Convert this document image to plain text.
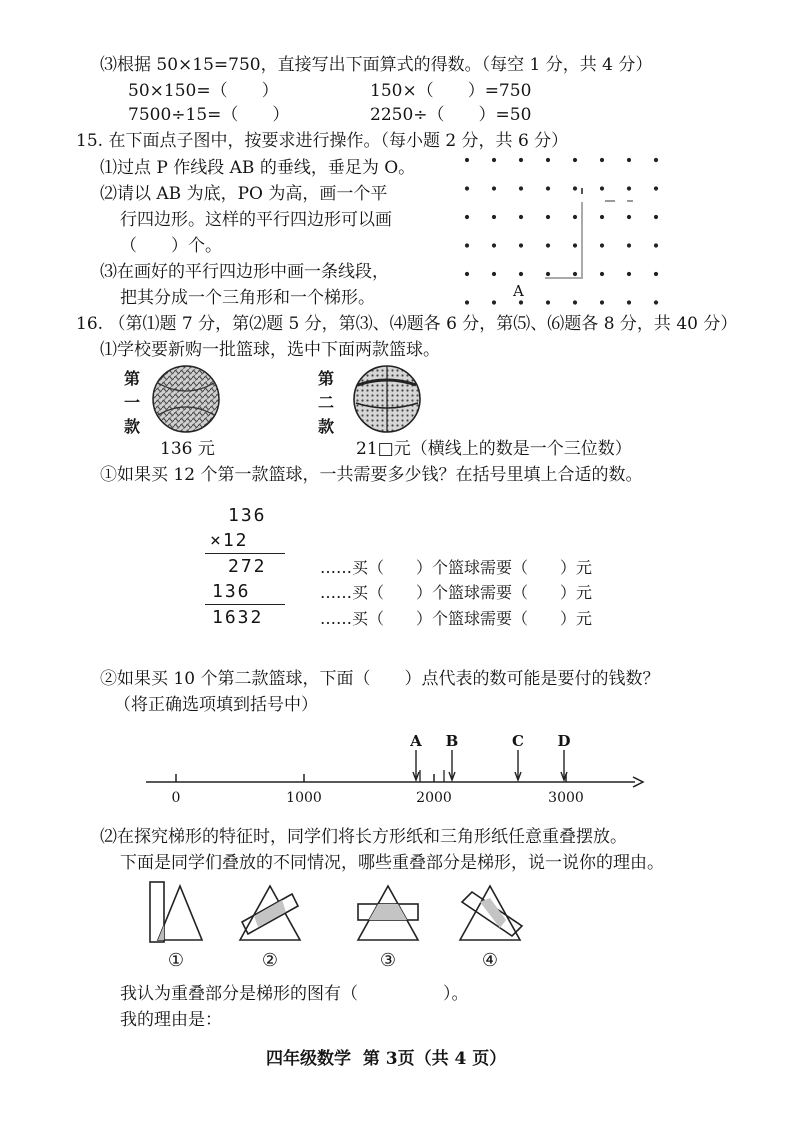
⑶根据 50×15=750，直接写出下面算式的得数。（每空 1 分，共 4 分）
50×150=（　　）	150×（　　）=750
7500÷15=（　　）	2250÷（　　）=50
15. 在下面点子图中，按要求进行操作。（每小题 2 分，共 6 分）
⑴过点 P 作线段 AB 的垂线，垂足为 O。
⑵请以 AB 为底，PO 为高，画一个平
行四边形。这样的平行四边形可以画
（　　）个。
⑶在画好的平行四边形中画一条线段，
把其分成一个三角形和一个梯形。	A
16. （第⑴题 7 分，第⑵题 5 分，第⑶、⑷题各 6 分，第⑸、⑹题各 8 分，共 40 分）
⑴学校要新购一批篮球，选中下面两款篮球。
第
一
款
136 元
第
二
款
21□元（横线上的数是一个三位数）
①如果买 12 个第一款篮球，一共需要多少钱？在括号里填上合适的数。
136
×12
272
136
1632
……买（　　）个篮球需要（　　）元
……买（　　）个篮球需要（　　）元
……买（　　）个篮球需要（　　）元
②如果买 10 个第二款篮球，下面（　　）点代表的数可能是要付的钱数？
（将正确选项填到括号中）
0	1000	2000	3000
A B	C D
⑵在探究梯形的特征时，同学们将长方形纸和三角形纸任意重叠摆放。
下面是同学们叠放的不同情况，哪些重叠部分是梯形，说一说你的理由。
①	②	③	④
我认为重叠部分是梯形的图有（　　　　　）。
我的理由是：
四年级数学  第 3页（共 4 页）
